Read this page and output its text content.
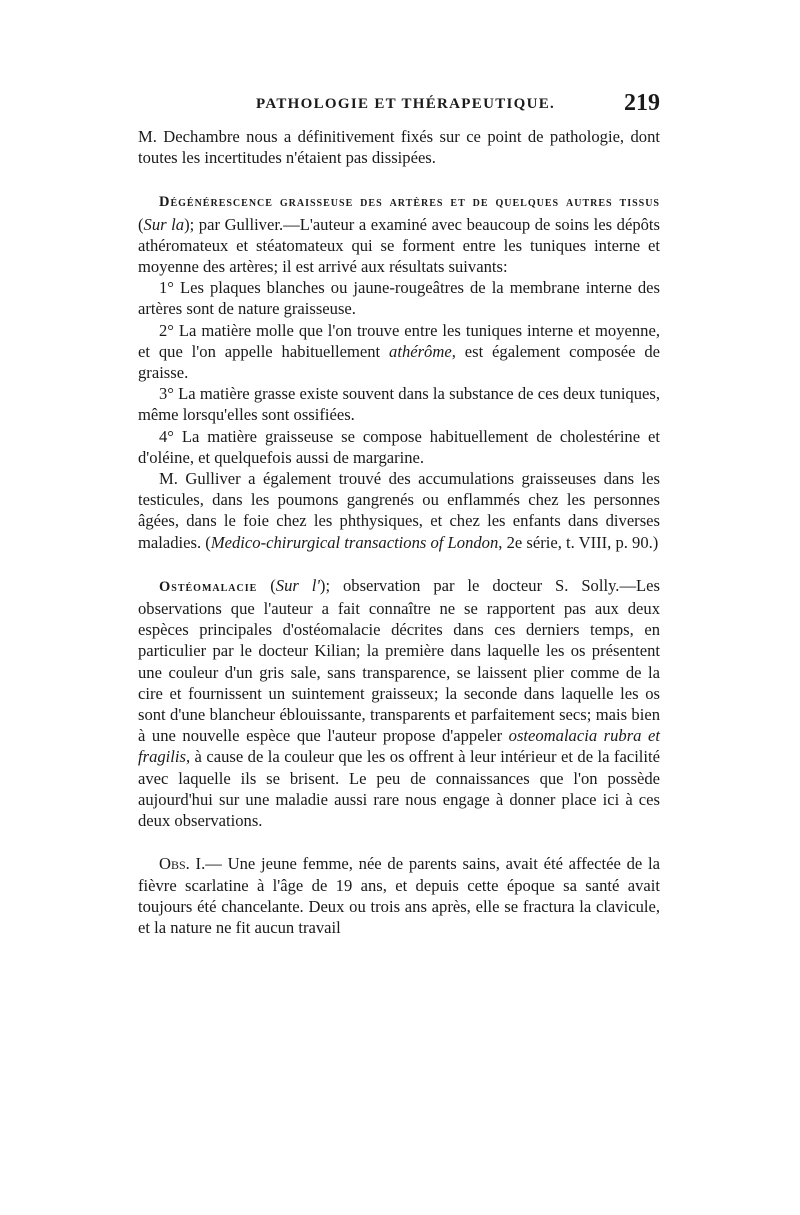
PATHOLOGIE ET THÉRAPEUTIQUE.	219

M. Dechambre nous a définitivement fixés sur ce point de pathologie, dont toutes les incertitudes n'étaient pas dissipées.

Dégénérescence graisseuse des artères et de quelques autres tissus (Sur la); par Gulliver.—L'auteur a examiné avec beaucoup de soins les dépôts athéromateux et stéatomateux qui se forment entre les tuniques interne et moyenne des artères; il est arrivé aux résultats suivants:

1° Les plaques blanches ou jaune-rougeâtres de la membrane interne des artères sont de nature graisseuse.

2° La matière molle que l'on trouve entre les tuniques interne et moyenne, et que l'on appelle habituellement athérôme, est également composée de graisse.

3° La matière grasse existe souvent dans la substance de ces deux tuniques, même lorsqu'elles sont ossifiées.

4° La matière graisseuse se compose habituellement de cholestérine et d'oléine, et quelquefois aussi de margarine.

M. Gulliver a également trouvé des accumulations graisseuses dans les testicules, dans les poumons gangrenés ou enflammés chez les personnes âgées, dans le foie chez les phthysiques, et chez les enfants dans diverses maladies. (Medico-chirurgical transactions of London, 2e série, t. VIII, p. 90.)

Ostéomalacie (Sur l'); observation par le docteur S. Solly.—Les observations que l'auteur a fait connaître ne se rapportent pas aux deux espèces principales d'ostéomalacie décrites dans ces derniers temps, en particulier par le docteur Kilian; la première dans laquelle les os présentent une couleur d'un gris sale, sans transparence, se laissent plier comme de la cire et fournissent un suintement graisseux; la seconde dans laquelle les os sont d'une blancheur éblouissante, transparents et parfaitement secs; mais bien à une nouvelle espèce que l'auteur propose d'appeler osteomalacia rubra et fragilis, à cause de la couleur que les os offrent à leur intérieur et de la facilité avec laquelle ils se brisent. Le peu de connaissances que l'on possède aujourd'hui sur une maladie aussi rare nous engage à donner place ici à ces deux observations.

Obs. I.— Une jeune femme, née de parents sains, avait été affectée de la fièvre scarlatine à l'âge de 19 ans, et depuis cette époque sa santé avait toujours été chancelante. Deux ou trois ans après, elle se fractura la clavicule, et la nature ne fit aucun travail
